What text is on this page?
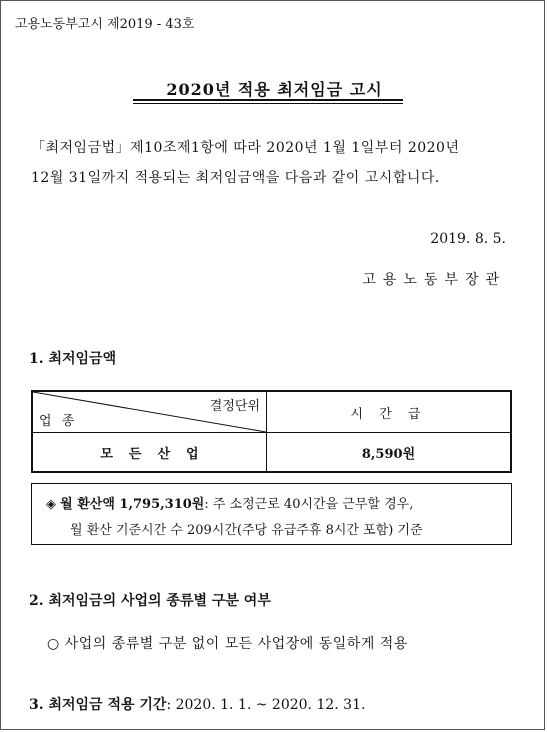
고용노동부고시 제2019 - 43호
2020년 적용 최저임금 고시
「최저임금법」제10조제1항에 따라 2020년 1월 1일부터 2020년
12월 31일까지 적용되는 최저임금액을 다음과 같이 고시합니다.
2019. 8. 5.
고용노동부장관
1. 최저임금액
결정단위
업 종	시 간 급
모든산업	8,590원
◈ 월 환산액 1,795,310원: 주 소정근로 40시간을 근무할 경우,
월 환산 기준시간 수 209시간(주당 유급주휴 8시간 포함) 기준
2. 최저임금의 사업의 종류별 구분 여부
○ 사업의 종류별 구분 없이 모든 사업장에 동일하게 적용
3. 최저임금 적용 기간: 2020. 1. 1. ~ 2020. 12. 31.
